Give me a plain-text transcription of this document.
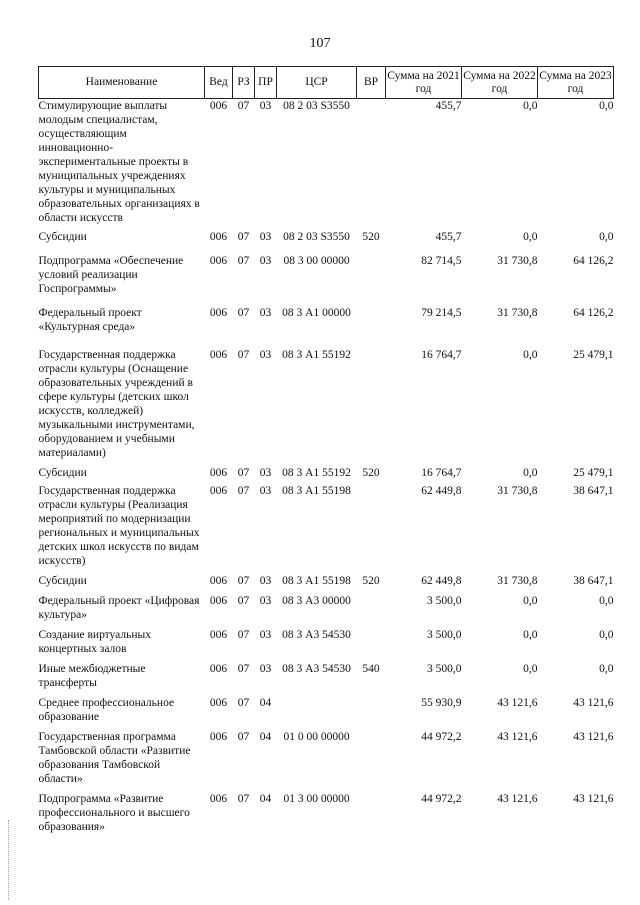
107
Наименование	Вед	РЗ	ПР	ЦСР	ВР	Сумма на 2021 год	Сумма на 2022 год	Сумма на 2023 год
Стимулирующие выплаты молодым специалистам, осуществляющим инновационно-экспериментальные проекты в муниципальных учреждениях культуры и муниципальных образовательных организациях в области искусств	006	07	03	08 2 03 S3550		455,7	0,0	0,0

Субсидии	006	07	03	08 2 03 S3550	520	455,7	0,0	0,0

Подпрограмма «Обеспечение условий реализации Госпрограммы»	006	07	03	08 3 00 00000		82 714,5	31 730,8	64 126,2

Федеральный проект «Культурная среда»	006	07	03	08 3 А1 00000		79 214,5	31 730,8	64 126,2

Государственная поддержка отрасли культуры (Оснащение образовательных учреждений в сфере культуры (детских школ искусств, колледжей) музыкальными инструментами, оборудованием и учебными материалами)	006	07	03	08 3 А1 55192		16 764,7	0,0	25 479,1

Субсидии	006	07	03	08 3 А1 55192	520	16 764,7	0,0	25 479,1

Государственная поддержка отрасли культуры (Реализация мероприятий по модернизации региональных и муниципальных детских школ искусств по видам искусств)	006	07	03	08 3 А1 55198		62 449,8	31 730,8	38 647,1

Субсидии	006	07	03	08 3 А1 55198	520	62 449,8	31 730,8	38 647,1

Федеральный проект «Цифровая культура»	006	07	03	08 3 А3 00000		3 500,0	0,0	0,0

Создание виртуальных концертных залов	006	07	03	08 3 А3 54530		3 500,0	0,0	0,0

Иные межбюджетные трансферты	006	07	03	08 3 А3 54530	540	3 500,0	0,0	0,0

Среднее профессиональное образование	006	07	04			55 930,9	43 121,6	43 121,6

Государственная программа Тамбовской области «Развитие образования Тамбовской области»	006	07	04	01 0 00 00000		44 972,2	43 121,6	43 121,6

Подпрограмма «Развитие профессионального и высшего образования»	006	07	04	01 3 00 00000		44 972,2	43 121,6	43 121,6
